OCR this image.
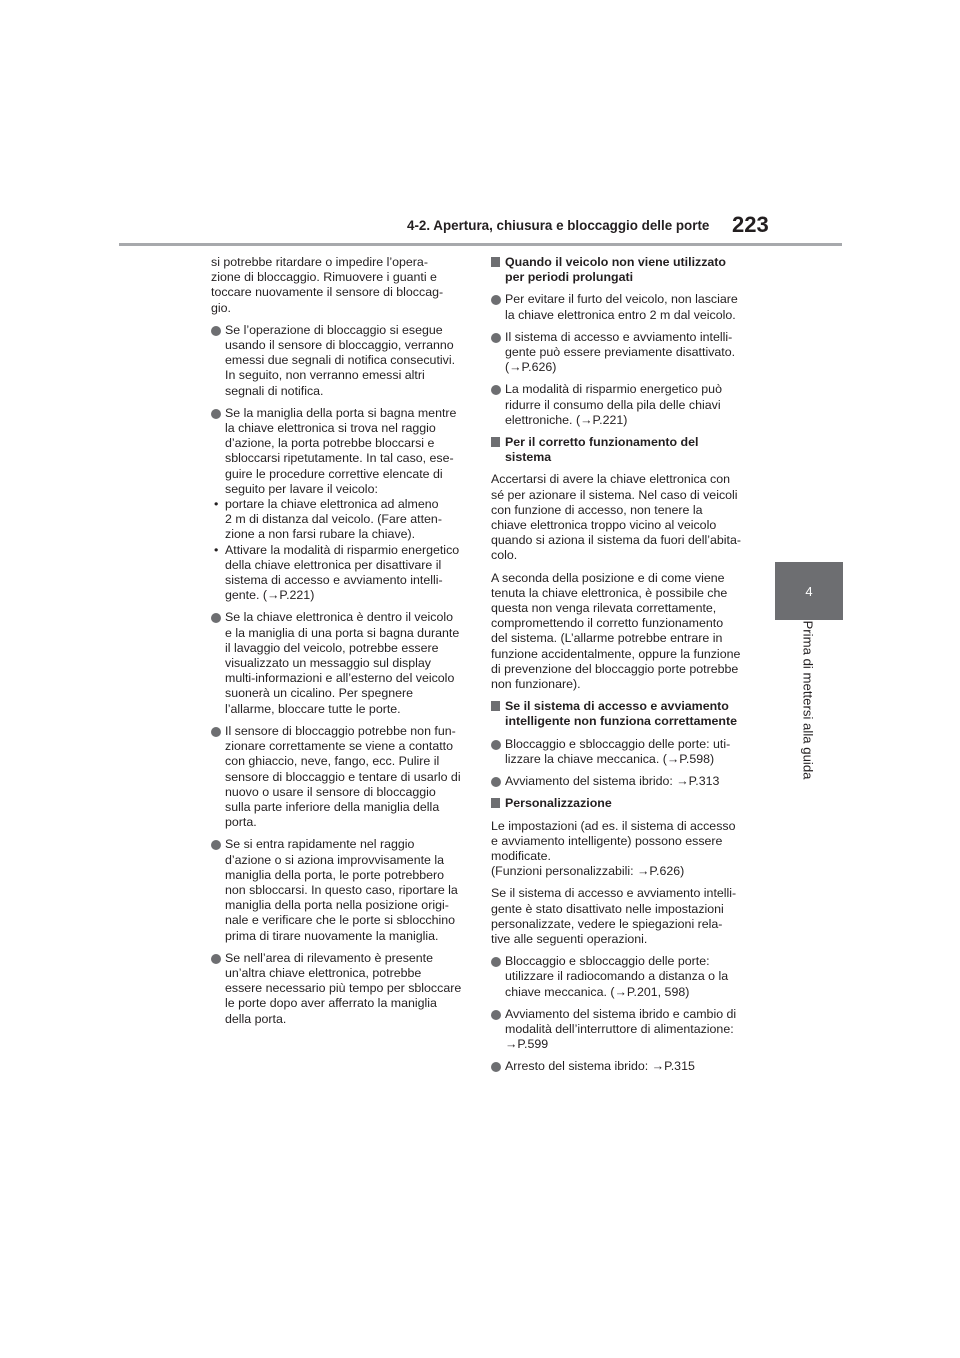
4-2. Apertura, chiusura e bloccaggio delle porte 223
4
Prima di mettersi alla guida
si potrebbe ritardare o impedire l’opera-
zione di bloccaggio. Rimuovere i guanti e
toccare nuovamente il sensore di bloccag-
gio.
Se l’operazione di bloccaggio si esegue
usando il sensore di bloccaggio, verranno
emessi due segnali di notifica consecutivi.
In seguito, non verranno emessi altri
segnali di notifica.
Se la maniglia della porta si bagna mentre
la chiave elettronica si trova nel raggio
d’azione, la porta potrebbe bloccarsi e
sbloccarsi ripetutamente. In tal caso, ese-
guire le procedure correttive elencate di
seguito per lavare il veicolo:
• portare la chiave elettronica ad almeno
2 m di distanza dal veicolo. (Fare atten-
zione a non farsi rubare la chiave).
• Attivare la modalità di risparmio energetico
della chiave elettronica per disattivare il
sistema di accesso e avviamento intelli-
gente. (→P.221)
Se la chiave elettronica è dentro il veicolo
e la maniglia di una porta si bagna durante
il lavaggio del veicolo, potrebbe essere
visualizzato un messaggio sul display
multi-informazioni e all’esterno del veicolo
suonerà un cicalino. Per spegnere
l’allarme, bloccare tutte le porte.
Il sensore di bloccaggio potrebbe non fun-
zionare correttamente se viene a contatto
con ghiaccio, neve, fango, ecc. Pulire il
sensore di bloccaggio e tentare di usarlo di
nuovo o usare il sensore di bloccaggio
sulla parte inferiore della maniglia della
porta.
Se si entra rapidamente nel raggio
d’azione o si aziona improvvisamente la
maniglia della porta, le porte potrebbero
non sbloccarsi. In questo caso, riportare la
maniglia della porta nella posizione origi-
nale e verificare che le porte si sblocchino
prima di tirare nuovamente la maniglia.
Se nell’area di rilevamento è presente
un’altra chiave elettronica, potrebbe
essere necessario più tempo per sbloccare
le porte dopo aver afferrato la maniglia
della porta.
Quando il veicolo non viene utilizzato
per periodi prolungati
Per evitare il furto del veicolo, non lasciare
la chiave elettronica entro 2 m dal veicolo.
Il sistema di accesso e avviamento intelli-
gente può essere previamente disattivato.
(→P.626)
La modalità di risparmio energetico può
ridurre il consumo della pila delle chiavi
elettroniche. (→P.221)
Per il corretto funzionamento del
sistema
Accertarsi di avere la chiave elettronica con
sé per azionare il sistema. Nel caso di veicoli
con funzione di accesso, non tenere la
chiave elettronica troppo vicino al veicolo
quando si aziona il sistema da fuori dell’abita-
colo.
A seconda della posizione e di come viene
tenuta la chiave elettronica, è possibile che
questa non venga rilevata correttamente,
compromettendo il corretto funzionamento
del sistema. (L’allarme potrebbe entrare in
funzione accidentalmente, oppure la funzione
di prevenzione del bloccaggio porte potrebbe
non funzionare).
Se il sistema di accesso e avviamento
intelligente non funziona correttamente
Bloccaggio e sbloccaggio delle porte: uti-
lizzare la chiave meccanica. (→P.598)
Avviamento del sistema ibrido: →P.313
Personalizzazione
Le impostazioni (ad es. il sistema di accesso
e avviamento intelligente) possono essere
modificate.
(Funzioni personalizzabili: →P.626)
Se il sistema di accesso e avviamento intelli-
gente è stato disattivato nelle impostazioni
personalizzate, vedere le spiegazioni rela-
tive alle seguenti operazioni.
Bloccaggio e sbloccaggio delle porte:
utilizzare il radiocomando a distanza o la
chiave meccanica. (→P.201, 598)
Avviamento del sistema ibrido e cambio di
modalità dell’interruttore di alimentazione:
→P.599
Arresto del sistema ibrido: →P.315
